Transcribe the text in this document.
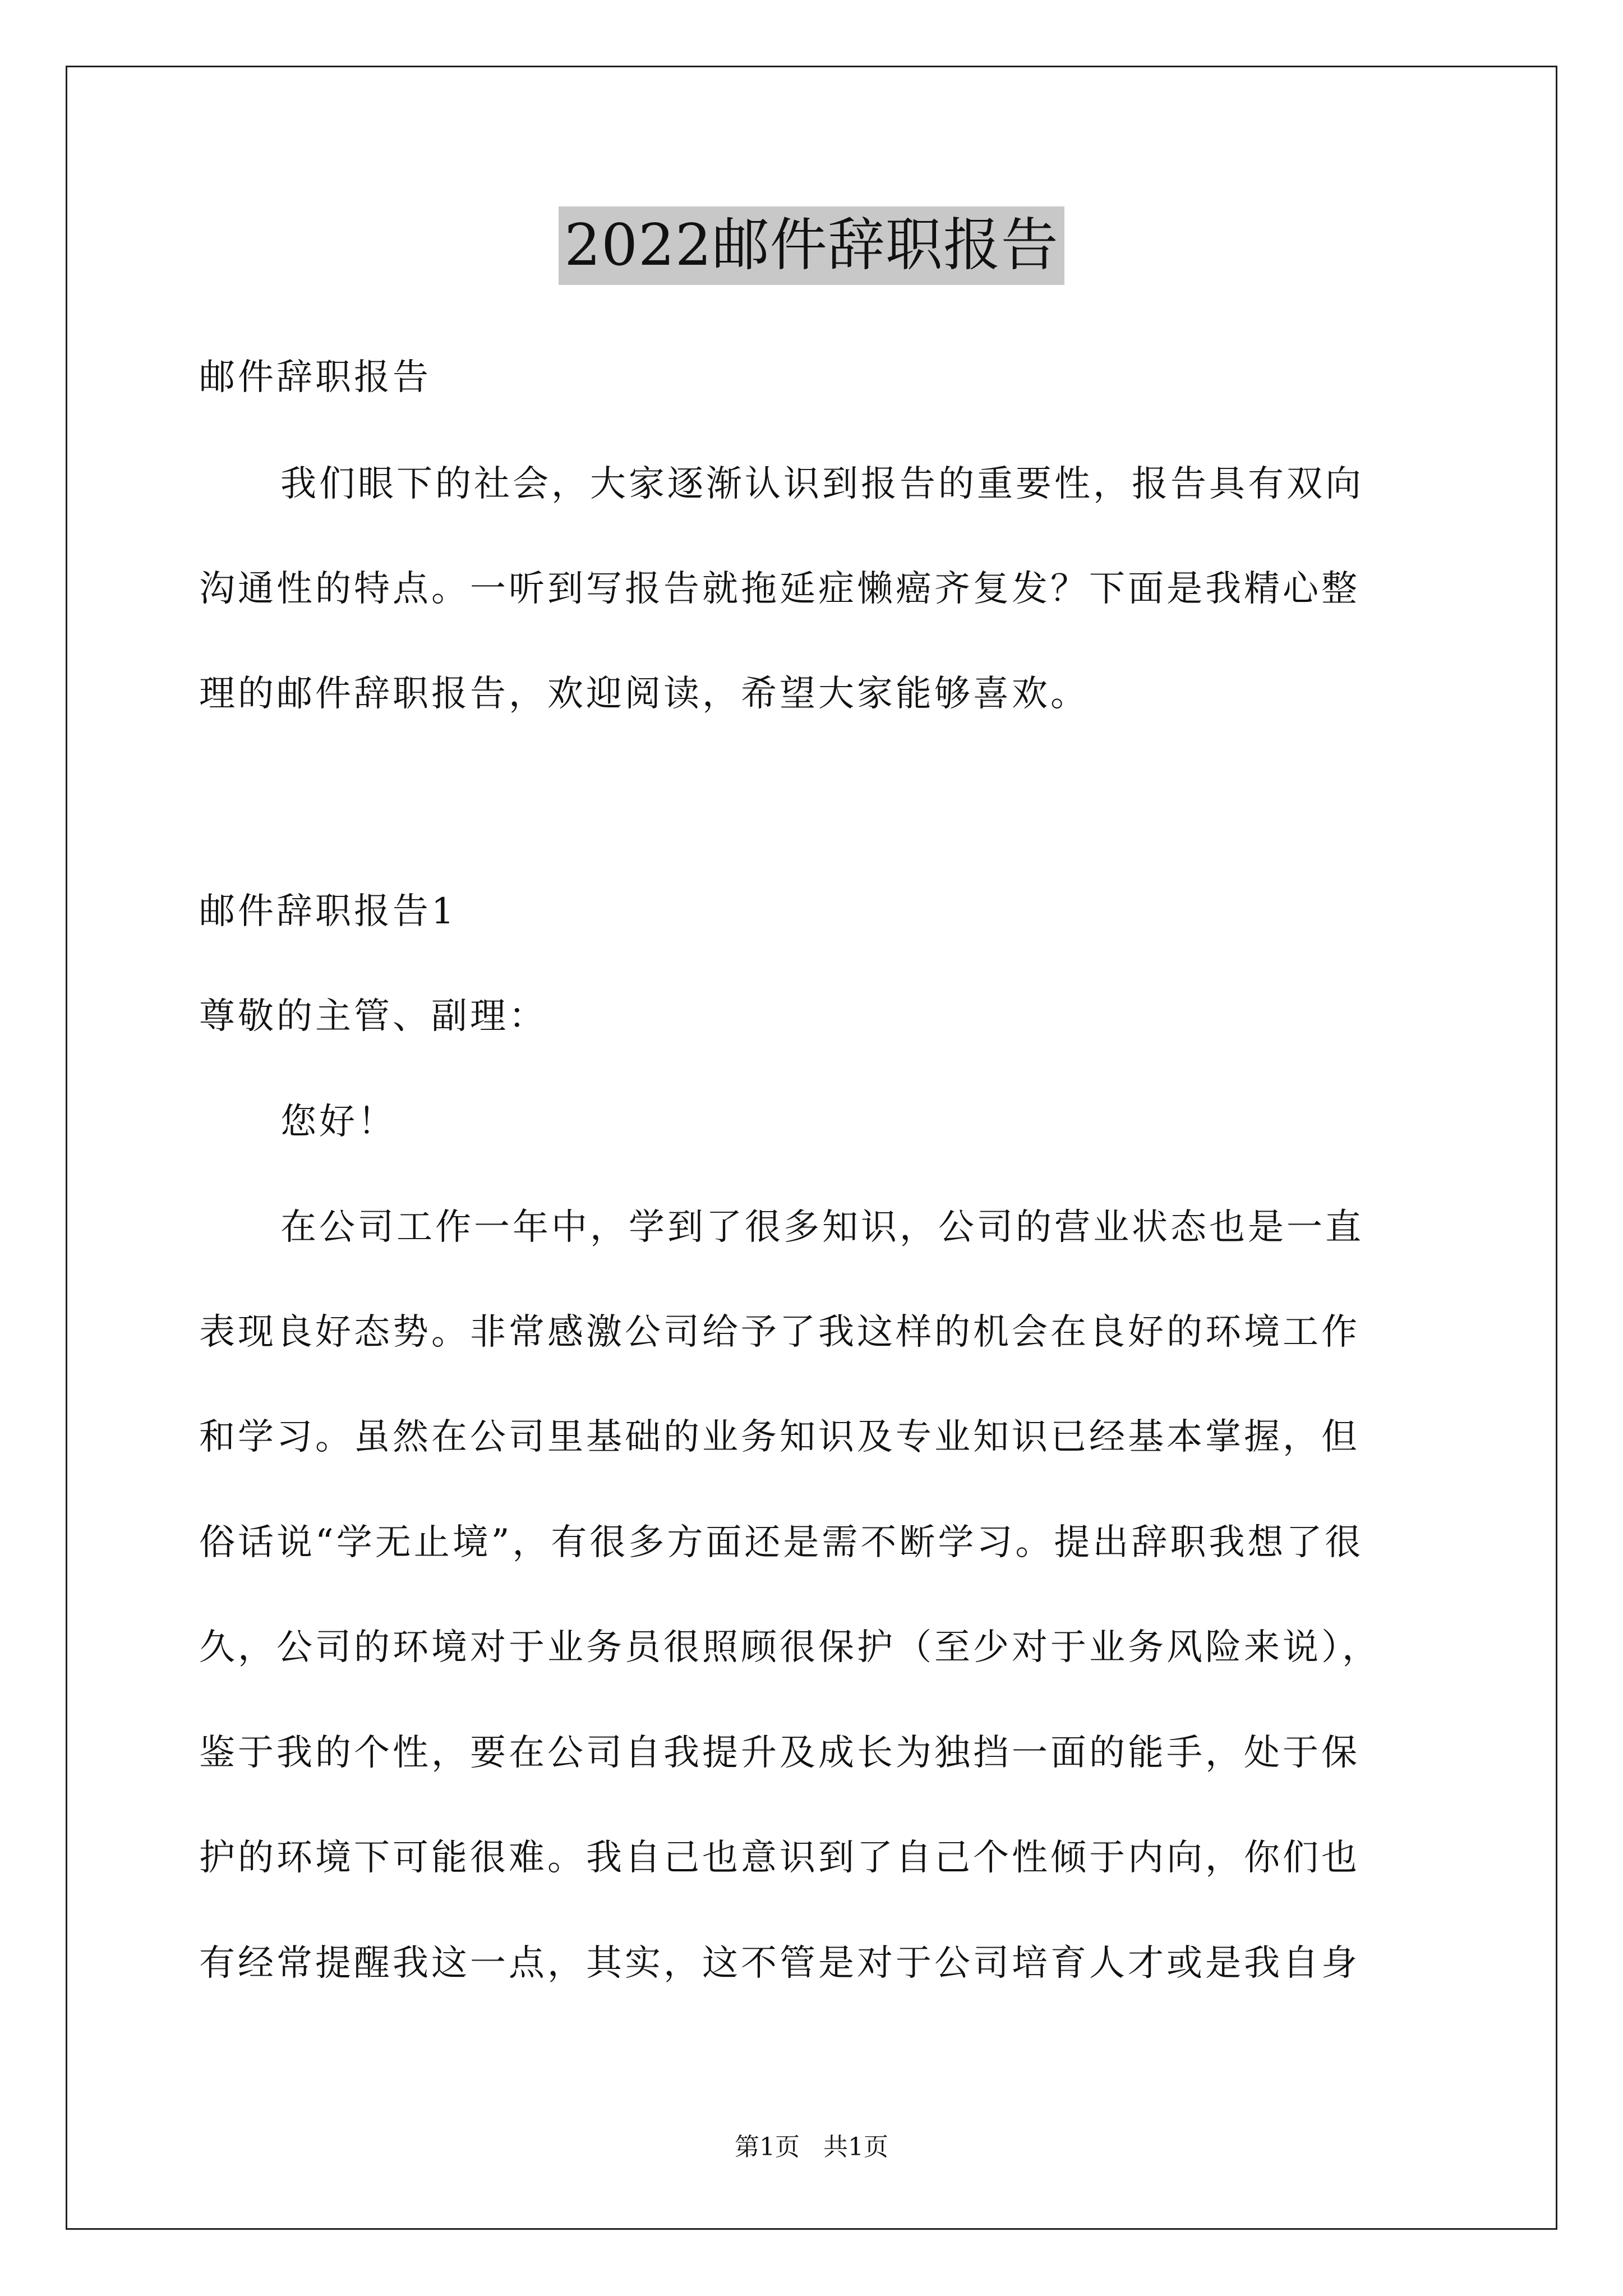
2022邮件辞职报告
邮件辞职报告
我们眼下的社会，大家逐渐认识到报告的重要性，报告具有双向
沟通性的特点。一听到写报告就拖延症懒癌齐复发？下面是我精心整
理的邮件辞职报告，欢迎阅读，希望大家能够喜欢。
邮件辞职报告1
尊敬的主管、副理：
您好！
在公司工作一年中，学到了很多知识，公司的营业状态也是一直
表现良好态势。非常感激公司给予了我这样的机会在良好的环境工作
和学习。虽然在公司里基础的业务知识及专业知识已经基本掌握，但
俗话说“学无止境”，有很多方面还是需不断学习。提出辞职我想了很
久，公司的环境对于业务员很照顾很保护（至少对于业务风险来说），
鉴于我的个性，要在公司自我提升及成长为独挡一面的能手，处于保
护的环境下可能很难。我自己也意识到了自己个性倾于内向，你们也
有经常提醒我这一点，其实，这不管是对于公司培育人才或是我自身
第1页   共1页
